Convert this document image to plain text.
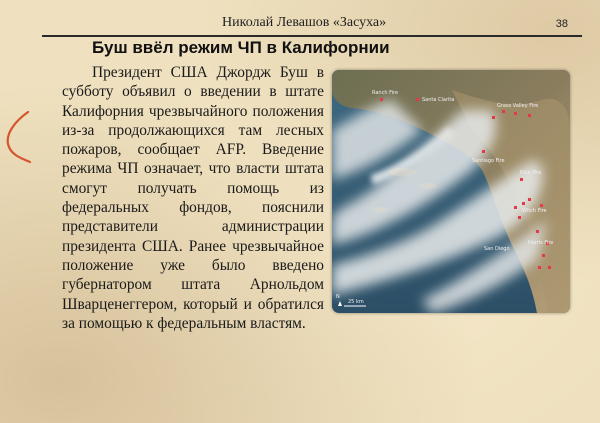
Николай Левашов «Засуха»	38
Буш ввёл режим ЧП в Калифорнии

Президент США Джордж Буш в субботу объявил о введении в штате Калифорния чрезвычайного положения из-за продолжающихся там лесных пожаров, сообщает AFP. Введение режима ЧП означает, что власти штата смогут получать помощь из федеральных фондов, пояснили представители администрации президента США. Ранее чрезвычайное положение уже было введено губернатором штата Арнольдом Шварценеггером, который и обратился за помощью к федеральным властям.

Ranch Fire
Santa Clarita
Grass Valley Fire
Santiago Fire
Rice Fire
Witch Fire
Harris Fire
San Diego
25 km
N
